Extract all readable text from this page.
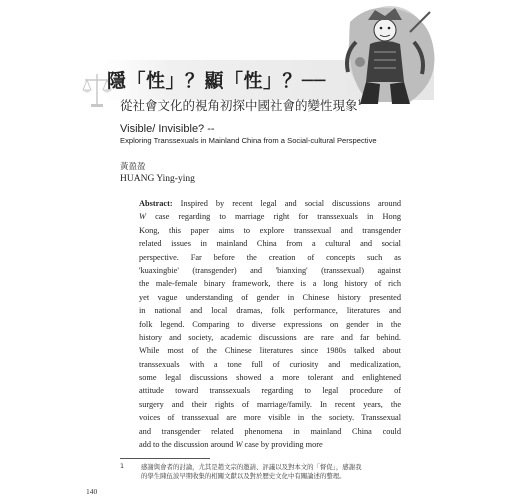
隱「性」？顯「性」？──
從社會文化的視角初探中國社會的變性現象$^1$
Visible/ Invisible? --
Exploring Transsexuals in Mainland China from a Social-cultural Perspective
黃盈盈
HUANG Ying-ying
Abstract: Inspired by recent legal and social discussions around
W case regarding to marriage right for transsexuals in Hong
Kong, this paper aims to explore transsexual and transgender
related issues in mainland China from a cultural and social
perspective. Far before the creation of concepts such as
'kuaxingbie' (transgender) and 'bianxing' (transsexual) against
the male-female binary framework, there is a long history of rich
yet vague understanding of gender in Chinese history presented
in national and local dramas, folk performance, literatures and
folk legend. Comparing to diverse expressions on gender in the
history and society, academic discussions are rare and far behind.
While most of the Chinese literatures since 1980s talked about
transsexuals with a tone full of curiosity and medicalization,
some legal discussions showed a more tolerant and enlightened
attitude toward transsexuals regarding to legal procedure of
surgery and their rights of marriage/family. In recent years, the
voices of transsexual are more visible in the society. Transsexual
and transgender related phenomena in mainland China could
add to the discussion around W case by providing more
1	感謝與會者的討論，尤其是趙文宗的邀請、評議以及對本文的「督促」，感謝我
的學生陳伍波早期收集的相關文獻以及對於歷史文化中有關論述的整理。
140
